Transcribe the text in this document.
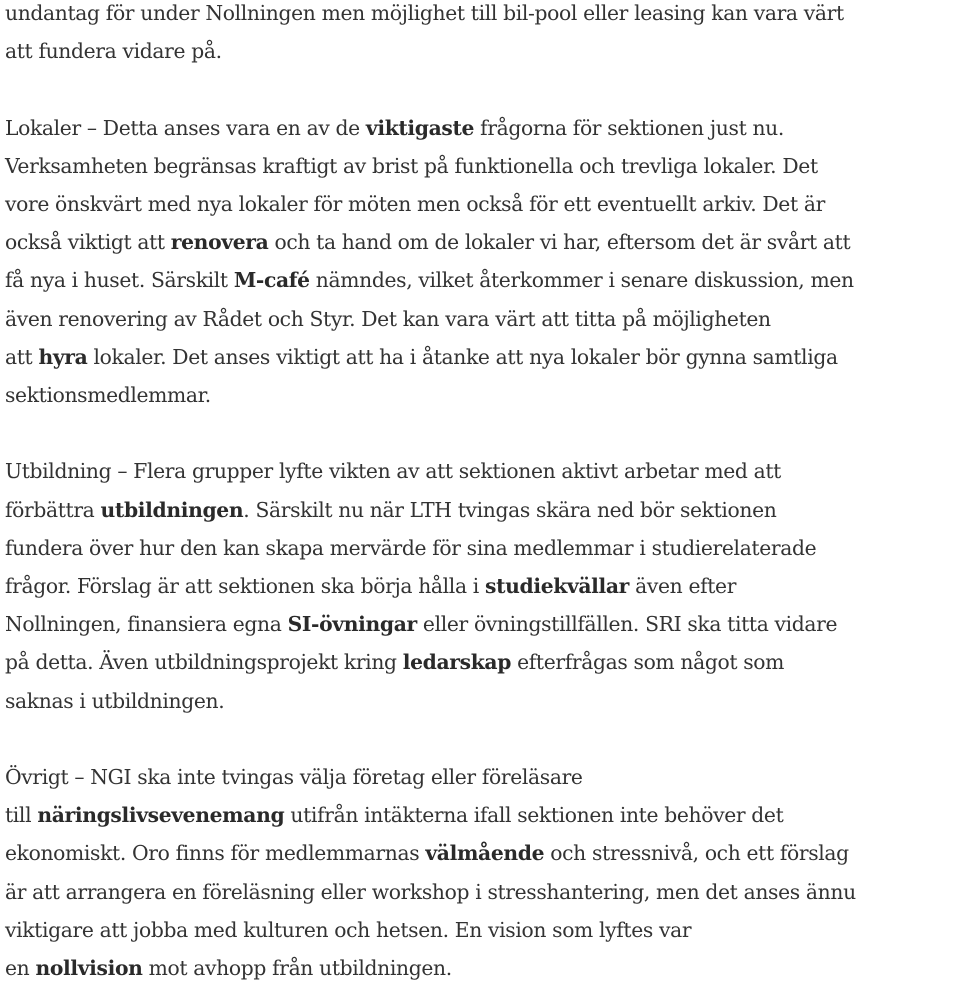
undantag för under Nollningen men möjlighet till bil-pool eller leasing kan vara värt
att fundera vidare på.
Lokaler – Detta anses vara en av de viktigaste frågorna för sektionen just nu.
Verksamheten begränsas kraftigt av brist på funktionella och trevliga lokaler. Det
vore önskvärt med nya lokaler för möten men också för ett eventuellt arkiv. Det är
också viktigt att renovera och ta hand om de lokaler vi har, eftersom det är svårt att
få nya i huset. Särskilt M-café nämndes, vilket återkommer i senare diskussion, men
även renovering av Rådet och Styr. Det kan vara värt att titta på möjligheten
att hyra lokaler. Det anses viktigt att ha i åtanke att nya lokaler bör gynna samtliga
sektionsmedlemmar.
Utbildning – Flera grupper lyfte vikten av att sektionen aktivt arbetar med att
förbättra utbildningen. Särskilt nu när LTH tvingas skära ned bör sektionen
fundera över hur den kan skapa mervärde för sina medlemmar i studierelaterade
frågor. Förslag är att sektionen ska börja hålla i studiekvällar även efter
Nollningen, finansiera egna SI-övningar eller övningstillfällen. SRI ska titta vidare
på detta. Även utbildningsprojekt kring ledarskap efterfrågas som något som
saknas i utbildningen.
Övrigt – NGI ska inte tvingas välja företag eller föreläsare
till näringslivsevenemang utifrån intäkterna ifall sektionen inte behöver det
ekonomiskt. Oro finns för medlemmarnas välmående och stressnivå, och ett förslag
är att arrangera en föreläsning eller workshop i stresshantering, men det anses ännu
viktigare att jobba med kulturen och hetsen. En vision som lyftes var
en nollvision mot avhopp från utbildningen.
